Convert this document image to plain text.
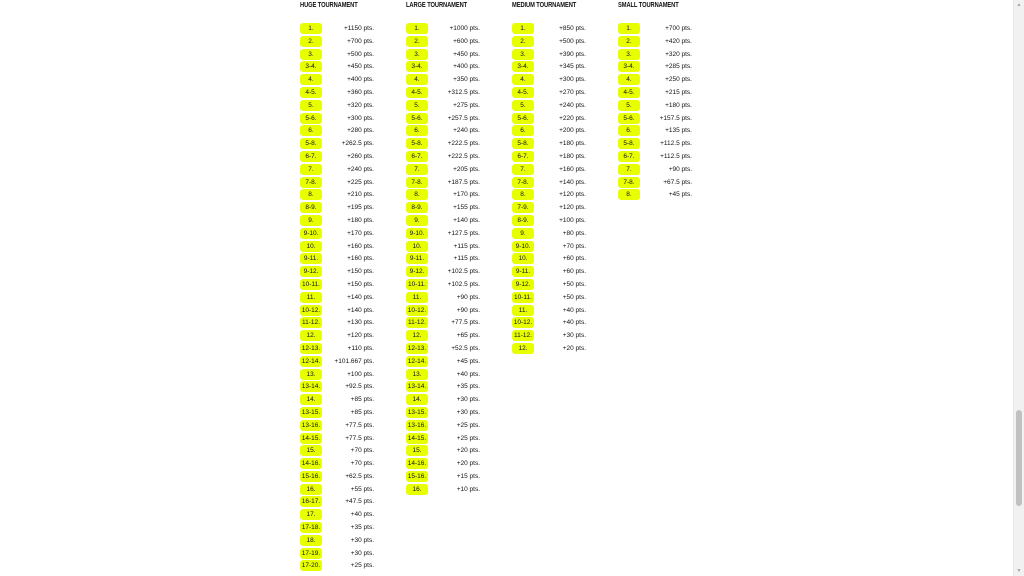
HUGE TOURNAMENT
1.	+1150 pts.
2.	+700 pts.
3.	+500 pts.
3-4.	+450 pts.
4.	+400 pts.
4-5.	+360 pts.
5.	+320 pts.
5-6.	+300 pts.
6.	+280 pts.
5-8.	+262.5 pts.
6-7.	+260 pts.
7.	+240 pts.
7-8.	+225 pts.
8.	+210 pts.
8-9.	+195 pts.
9.	+180 pts.
9-10.	+170 pts.
10.	+160 pts.
9-11.	+160 pts.
9-12.	+150 pts.
10-11.	+150 pts.
11.	+140 pts.
10-12.	+140 pts.
11-12.	+130 pts.
12.	+120 pts.
12-13.	+110 pts.
12-14. +101.667 pts.
13.	+100 pts.
13-14.	+92.5 pts.
14.	+85 pts.
13-15.	+85 pts.
13-16.	+77.5 pts.
14-15.	+77.5 pts.
15.	+70 pts.
14-16.	+70 pts.
15-16.	+62.5 pts.
16.	+55 pts.
16-17.	+47.5 pts.
17.	+40 pts.
17-18.	+35 pts.
18.	+30 pts.
17-19.	+30 pts.
17-20.	+25 pts.
LARGE TOURNAMENT
1.	+1000 pts.
2.	+600 pts.
3.	+450 pts.
3-4.	+400 pts.
4.	+350 pts.
4-5.	+312.5 pts.
5.	+275 pts.
5-6.	+257.5 pts.
6.	+240 pts.
5-8.	+222.5 pts.
6-7.	+222.5 pts.
7.	+205 pts.
7-8.	+187.5 pts.
8.	+170 pts.
8-9.	+155 pts.
9.	+140 pts.
9-10.	+127.5 pts.
10.	+115 pts.
9-11.	+115 pts.
9-12.	+102.5 pts.
10-11.	+102.5 pts.
11.	+90 pts.
10-12.	+90 pts.
11-12.	+77.5 pts.
12.	+65 pts.
12-13.	+52.5 pts.
12-14.	+45 pts.
13.	+40 pts.
13-14.	+35 pts.
14.	+30 pts.
13-15.	+30 pts.
13-16.	+25 pts.
14-15.	+25 pts.
15.	+20 pts.
14-16.	+20 pts.
15-16.	+15 pts.
16.	+10 pts.
MEDIUM TOURNAMENT
1.	+850 pts.
2.	+500 pts.
3.	+390 pts.
3-4.	+345 pts.
4.	+300 pts.
4-5.	+270 pts.
5.	+240 pts.
5-6.	+220 pts.
6.	+200 pts.
5-8.	+180 pts.
6-7.	+180 pts.
7.	+160 pts.
7-8.	+140 pts.
8.	+120 pts.
7-9.	+120 pts.
8-9.	+100 pts.
9.	+80 pts.
9-10.	+70 pts.
10.	+60 pts.
9-11.	+60 pts.
9-12.	+50 pts.
10-11.	+50 pts.
11.	+40 pts.
10-12.	+40 pts.
11-12.	+30 pts.
12.	+20 pts.
SMALL TOURNAMENT
1.	+700 pts.
2.	+420 pts.
3.	+320 pts.
3-4.	+285 pts.
4.	+250 pts.
4-5.	+215 pts.
5.	+180 pts.
5-6.	+157.5 pts.
6.	+135 pts.
5-8.	+112.5 pts.
6-7.	+112.5 pts.
7.	+90 pts.
7-8.	+67.5 pts.
8.	+45 pts.
▲
▼
